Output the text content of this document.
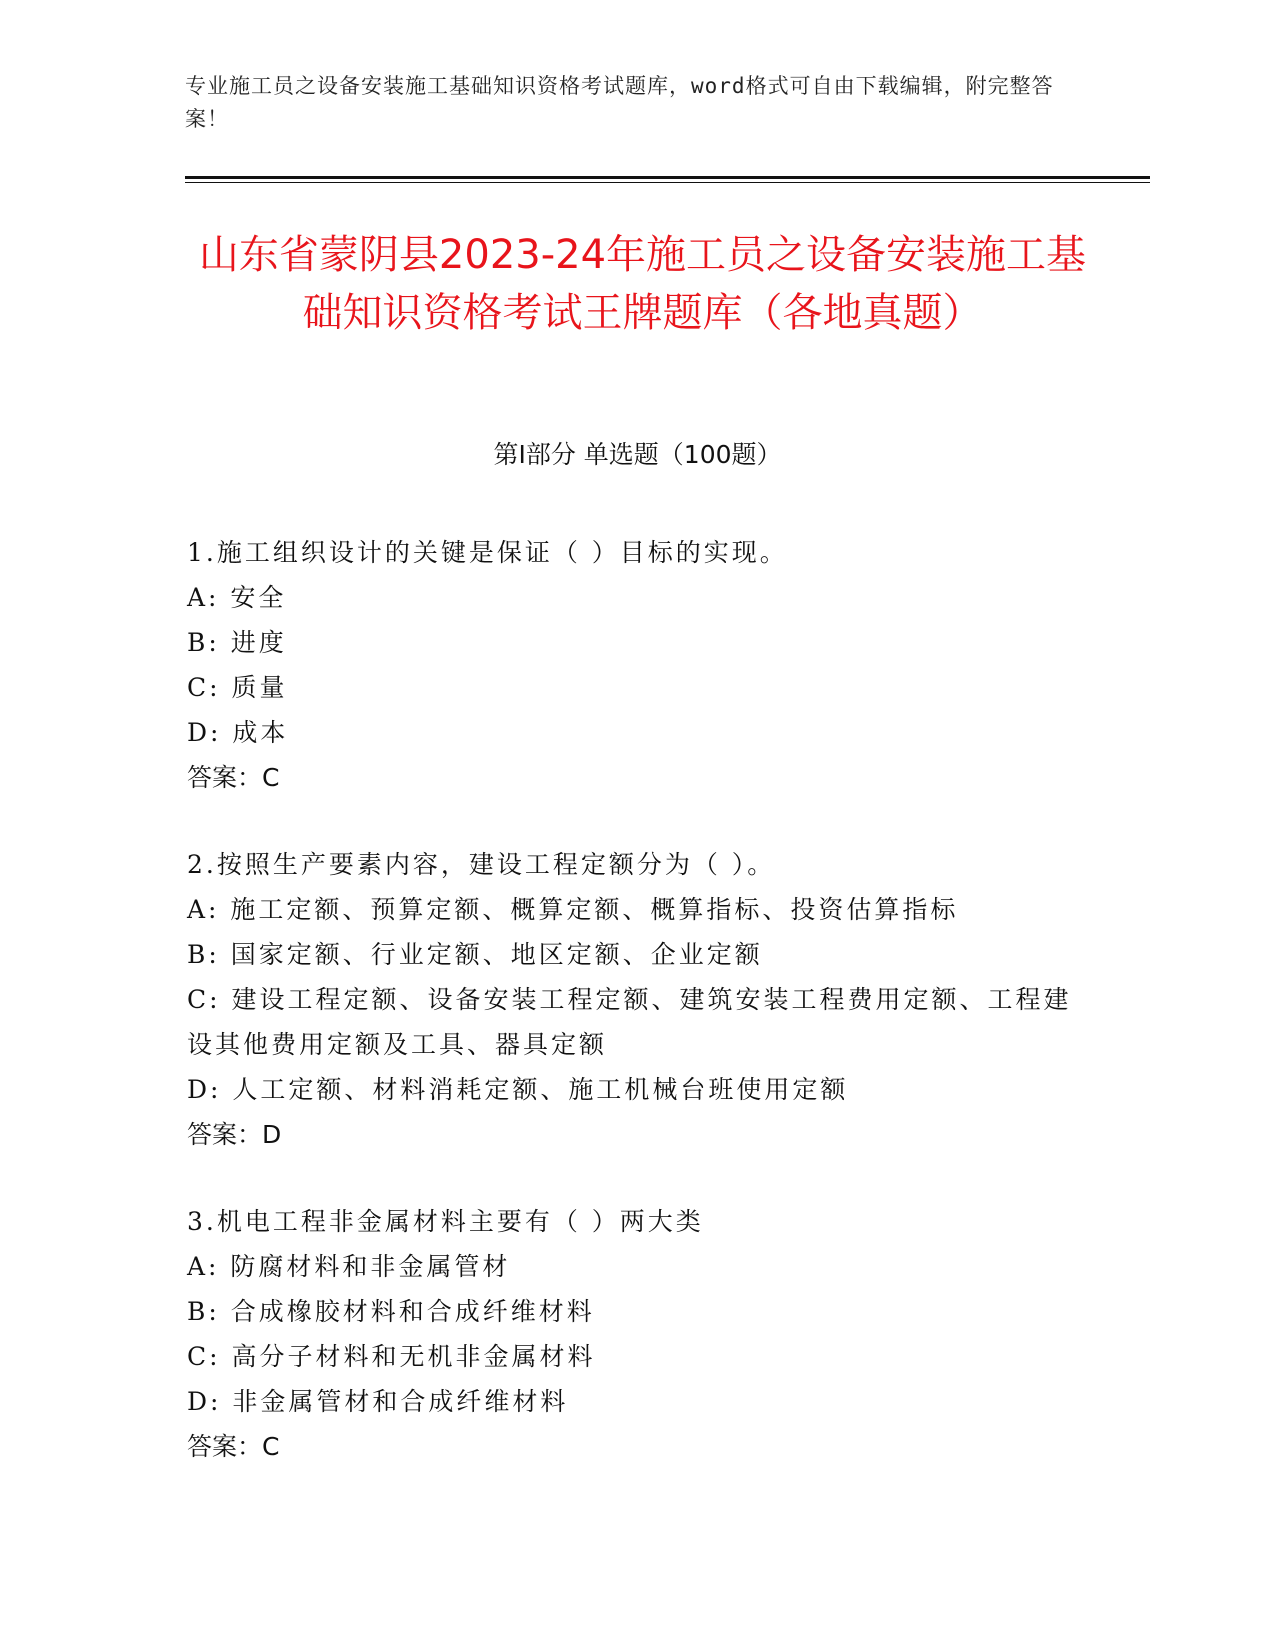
专业施工员之设备安装施工基础知识资格考试题库，word格式可自由下载编辑，附完整答案！
山东省蒙阴县2023-24年施工员之设备安装施工基础知识资格考试王牌题库（各地真题）
第Ⅰ部分 单选题（100题）
1.施工组织设计的关键是保证（ ）目标的实现。
A: 安全
B: 进度
C: 质量
D: 成本
答案：C
2.按照生产要素内容，建设工程定额分为（ ）。
A: 施工定额、预算定额、概算定额、概算指标、投资估算指标
B: 国家定额、行业定额、地区定额、企业定额
C: 建设工程定额、设备安装工程定额、建筑安装工程费用定额、工程建设其他费用定额及工具、器具定额
D: 人工定额、材料消耗定额、施工机械台班使用定额
答案：D
3.机电工程非金属材料主要有（ ）两大类
A: 防腐材料和非金属管材
B: 合成橡胶材料和合成纤维材料
C: 高分子材料和无机非金属材料
D: 非金属管材和合成纤维材料
答案：C
